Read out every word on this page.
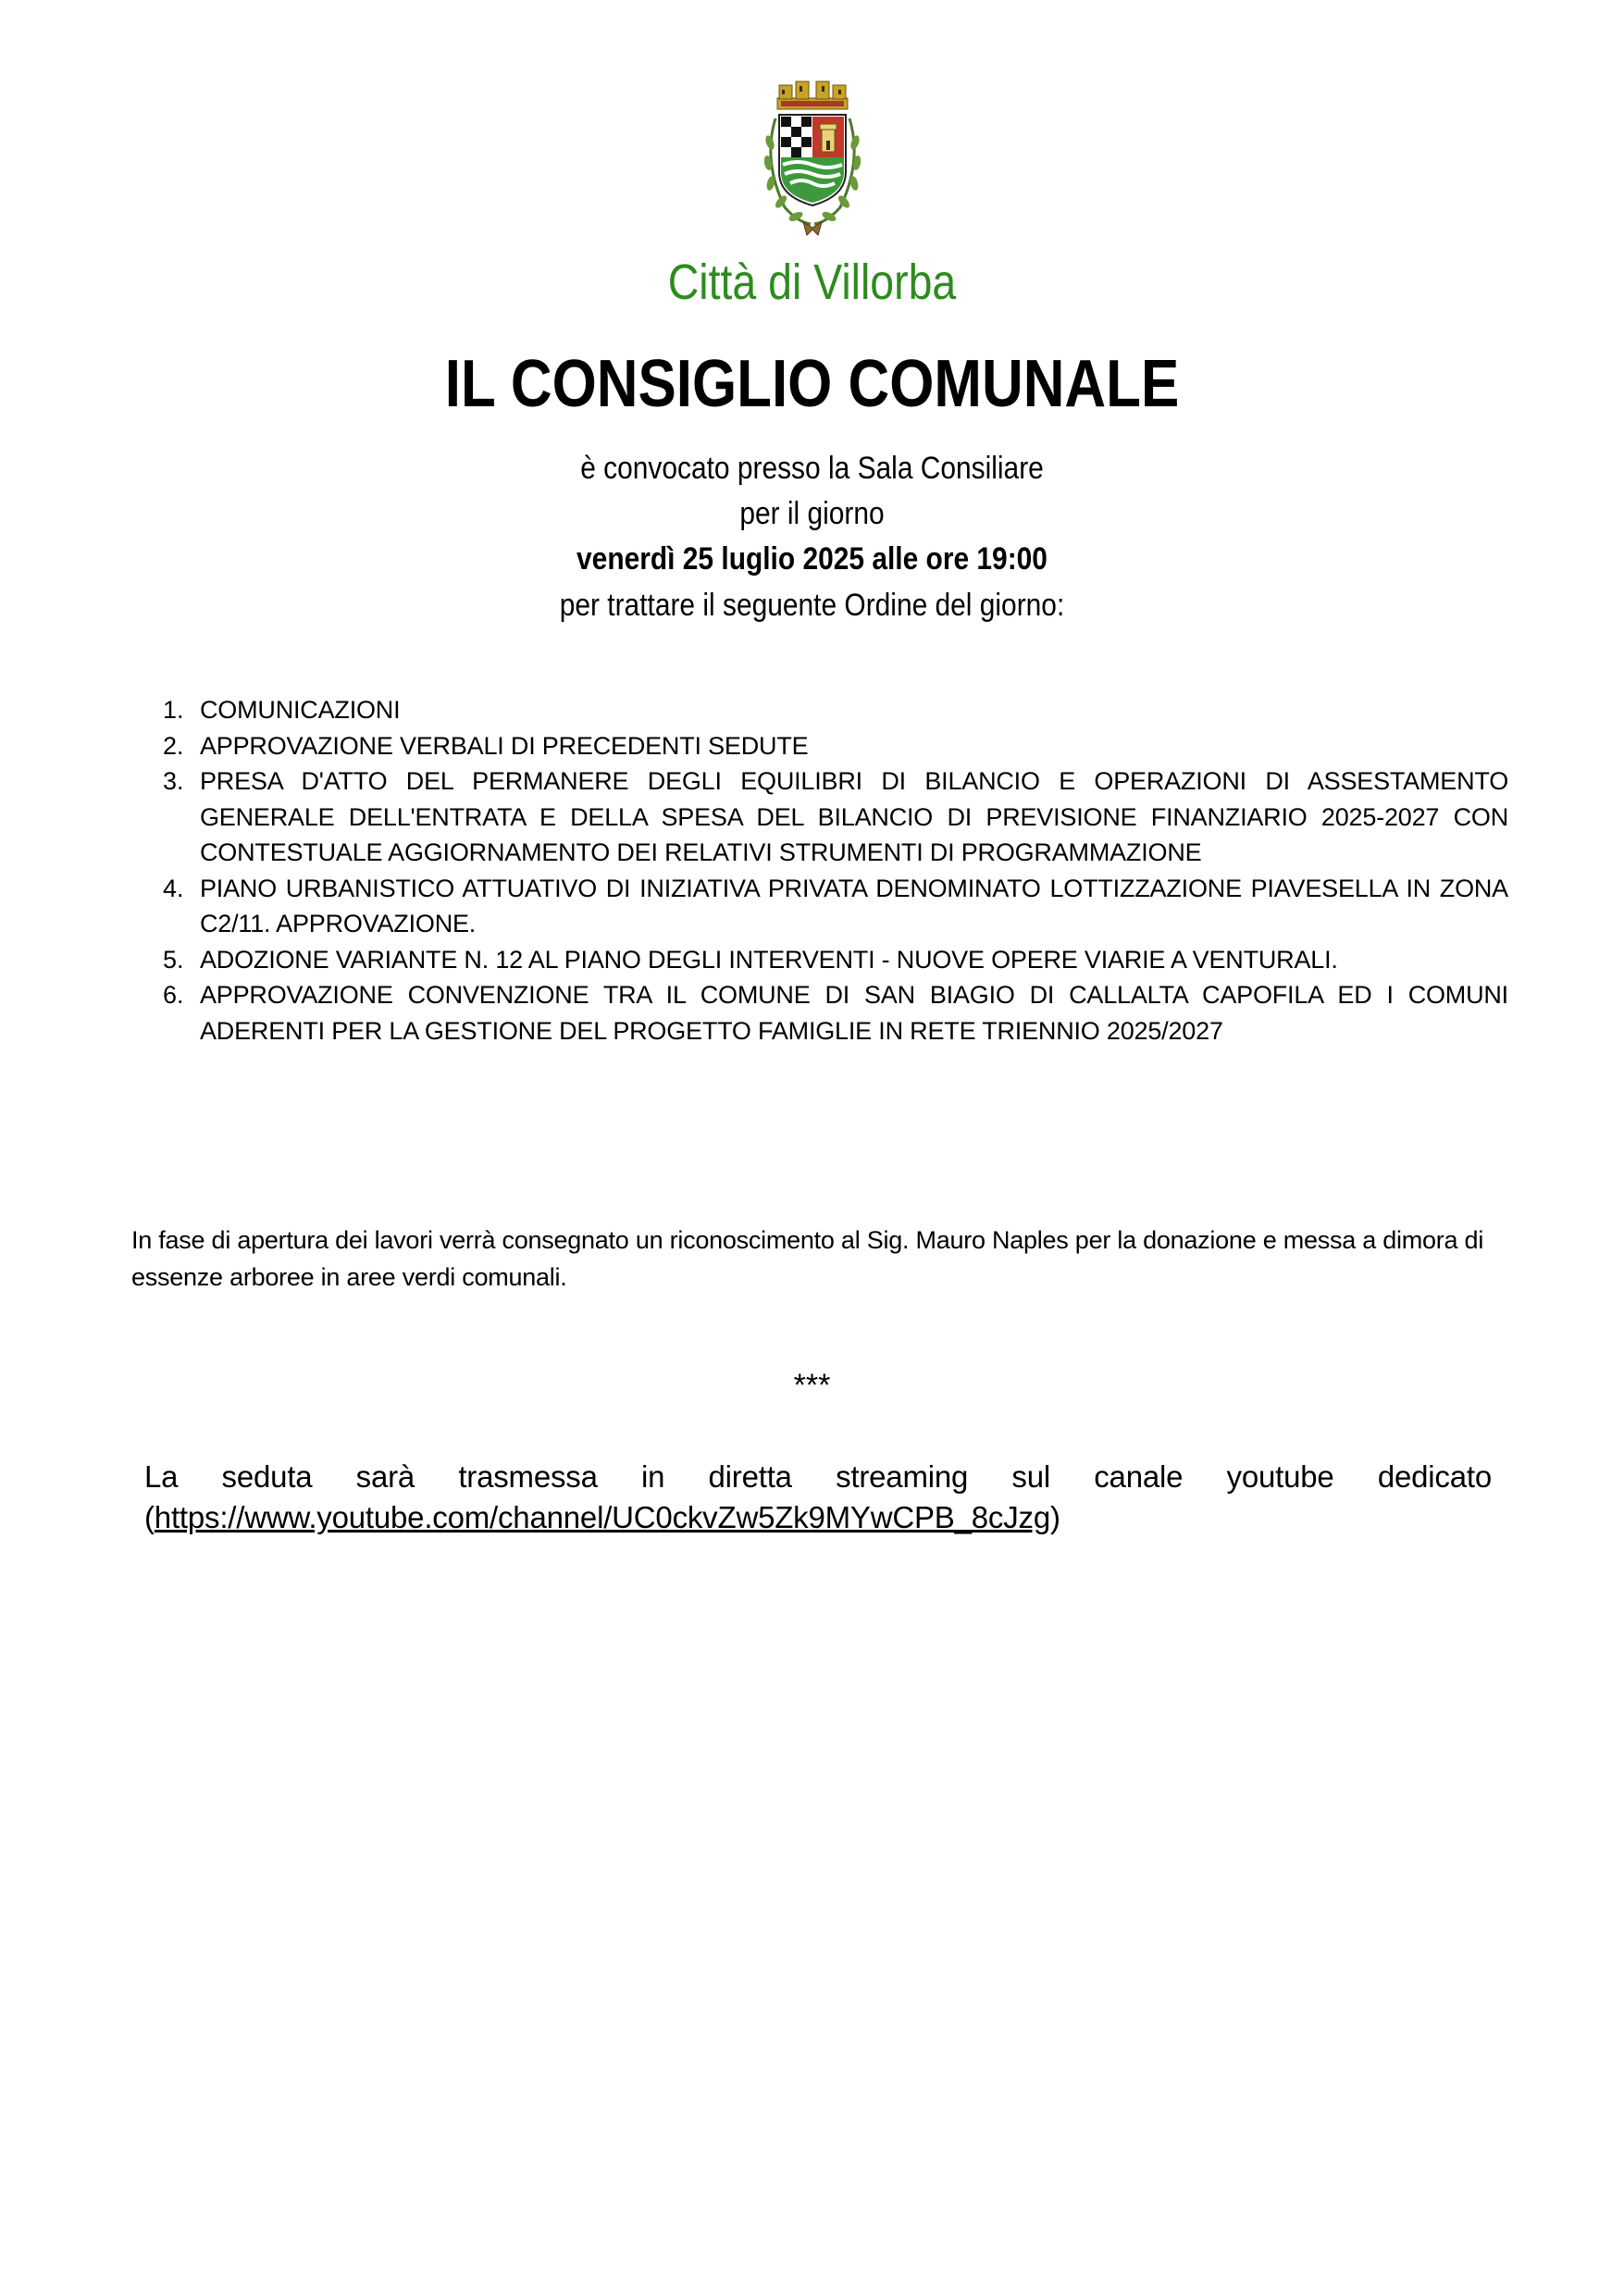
Città di Villorba
IL CONSIGLIO COMUNALE
è convocato presso la Sala Consiliare
per il giorno
venerdì 25 luglio 2025 alle ore 19:00
per trattare il seguente Ordine del giorno:
1. COMUNICAZIONI
2. APPROVAZIONE VERBALI DI PRECEDENTI SEDUTE
3. PRESA D'ATTO DEL PERMANERE DEGLI EQUILIBRI DI BILANCIO E OPERAZIONI DI ASSESTAMENTO GENERALE DELL'ENTRATA E DELLA SPESA DEL BILANCIO DI PREVISIONE FINANZIARIO 2025-2027 CON CONTESTUALE AGGIORNAMENTO DEI RELATIVI STRUMENTI DI PROGRAMMAZIONE
4. PIANO URBANISTICO ATTUATIVO DI INIZIATIVA PRIVATA DENOMINATO LOTTIZZAZIONE PIAVESELLA IN ZONA C2/11. APPROVAZIONE.
5. ADOZIONE VARIANTE N. 12 AL PIANO DEGLI INTERVENTI - NUOVE OPERE VIARIE A VENTURALI.
6. APPROVAZIONE CONVENZIONE TRA IL COMUNE DI SAN BIAGIO DI CALLALTA CAPOFILA ED I COMUNI ADERENTI PER LA GESTIONE DEL PROGETTO FAMIGLIE IN RETE TRIENNIO 2025/2027
In fase di apertura dei lavori verrà consegnato un riconoscimento al Sig. Mauro Naples per la donazione e messa a dimora di essenze arboree in aree verdi comunali.
***
La seduta sarà trasmessa in diretta streaming sul canale youtube dedicato (https://www.youtube.com/channel/UC0ckvZw5Zk9MYwCPB_8cJzg)
